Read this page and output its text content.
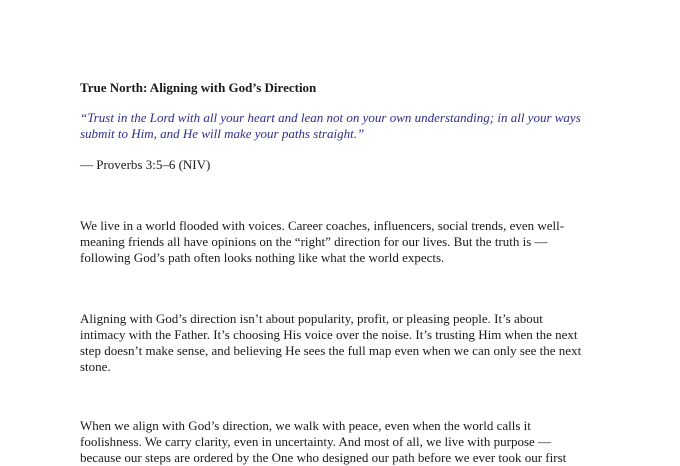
True North: Aligning with God’s Direction
“Trust in the Lord with all your heart and lean not on your own understanding; in all your ways
submit to Him, and He will make your paths straight.”
— Proverbs 3:5–6 (NIV)
We live in a world flooded with voices. Career coaches, influencers, social trends, even well-
meaning friends all have opinions on the “right” direction for our lives. But the truth is —
following God’s path often looks nothing like what the world expects.
Aligning with God’s direction isn’t about popularity, profit, or pleasing people. It’s about
intimacy with the Father. It’s choosing His voice over the noise. It’s trusting Him when the next
step doesn’t make sense, and believing He sees the full map even when we can only see the next
stone.
When we align with God’s direction, we walk with peace, even when the world calls it
foolishness. We carry clarity, even in uncertainty. And most of all, we live with purpose —
because our steps are ordered by the One who designed our path before we ever took our first
